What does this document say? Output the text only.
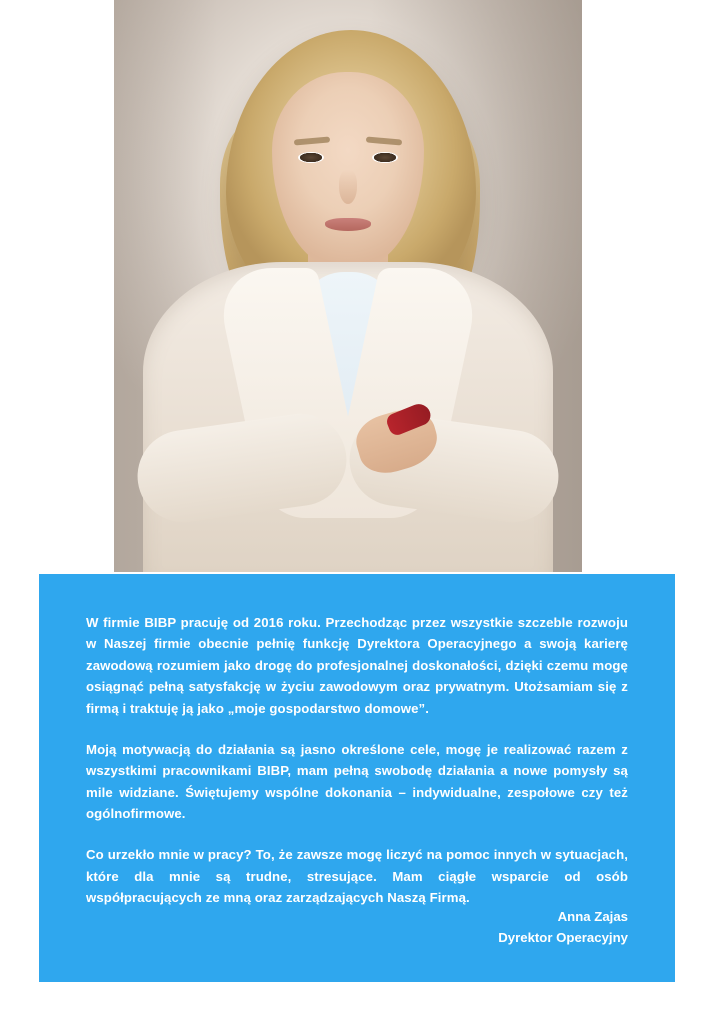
W firmie BIBP pracuję od 2016 roku. Przechodząc przez wszystkie szczeble rozwoju w Naszej firmie obecnie pełnię funkcję Dyrektora Operacyjnego a swoją karierę zawodową rozumiem jako drogę do profesjonalnej doskonałości, dzięki czemu mogę osiągnąć pełną satysfakcję w życiu zawodowym oraz prywatnym. Utożsamiam się z firmą i traktuję ją jako „moje gospodarstwo domowe”.

Moją motywacją do działania są jasno określone cele, mogę je realizować razem z wszystkimi pracownikami BIBP, mam pełną swobodę działania a nowe pomysły są mile widziane. Świętujemy wspólne dokonania – indywidualne, zespołowe czy też ogólnofirmowe.

Co urzekło mnie w pracy? To, że zawsze mogę liczyć na pomoc innych w sytuacjach, które dla mnie są trudne, stresujące. Mam ciągłe wsparcie od osób współpracujących ze mną oraz zarządzających Naszą Firmą.

Anna Zajas
Dyrektor Operacyjny
